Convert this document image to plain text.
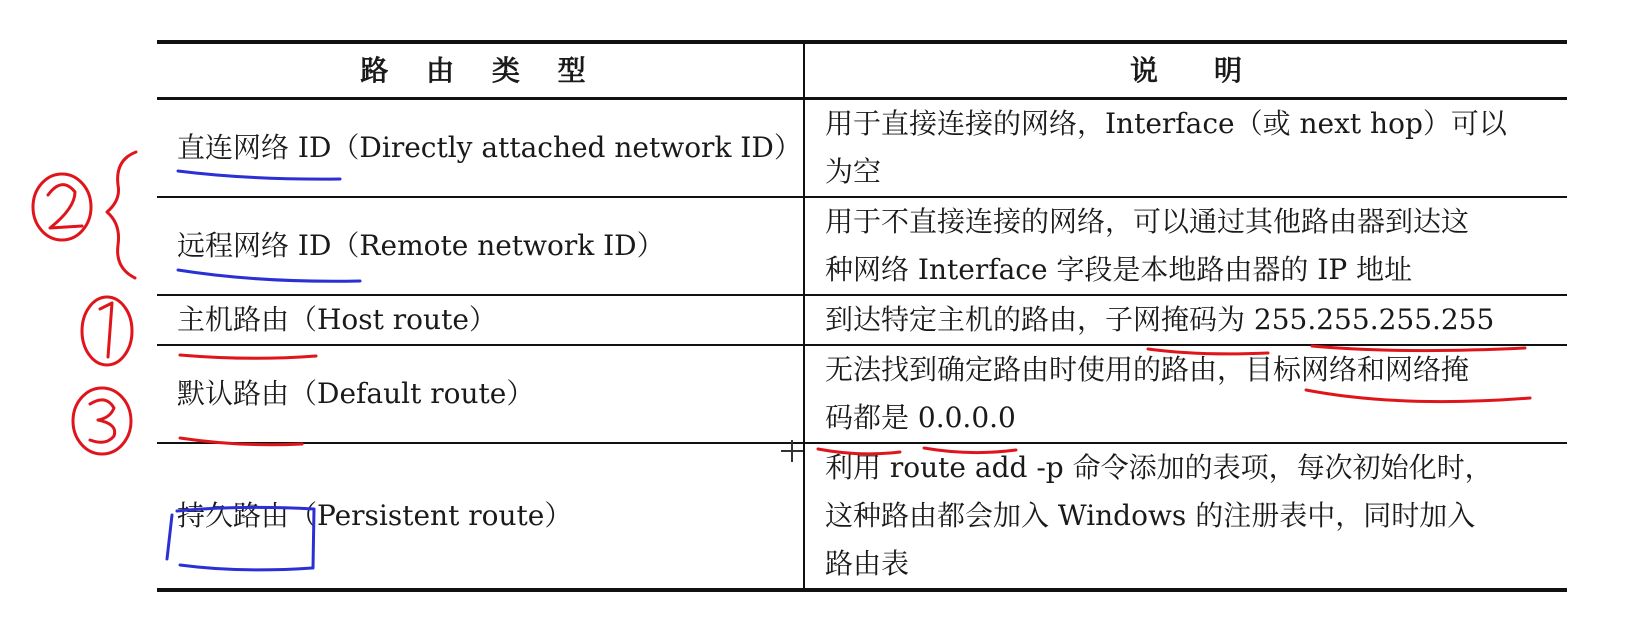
路 由 类 型	说　　明
直连网络 ID（Directly attached network ID）	用于直接连接的网络，Interface（或 next hop）可以
为空

远程网络 ID（Remote network ID）	用于不直接连接的网络，可以通过其他路由器到达这
种网络 Interface 字段是本地路由器的 IP 地址

主机路由（Host route）	到达特定主机的路由，子网掩码为 255.255.255.255

默认路由（Default route）	无法找到确定路由时使用的路由，目标网络和网络掩
码都是 0.0.0.0

持久路由（Persistent route）	利用 route add -p 命令添加的表项，每次初始化时，
这种路由都会加入 Windows 的注册表中，同时加入
路由表
